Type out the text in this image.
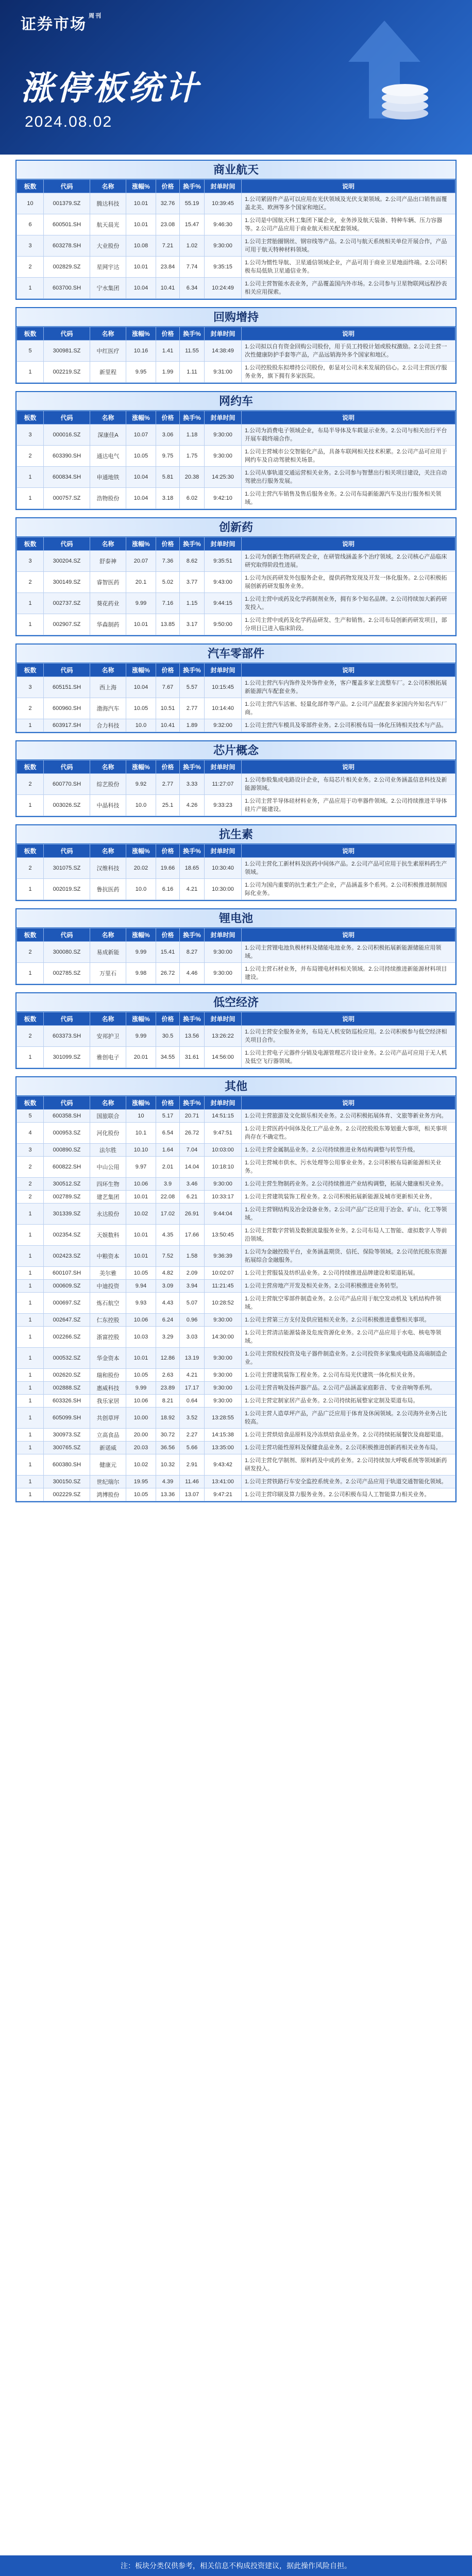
证券市场 $^{周刊}$
涨停板统计
2024.08.02
商业航天
板数	代码	名称	涨幅%	价格	换手%	封单时间	说明
10	001379.SZ	腾达科技	10.01	32.76	55.19	10:39:45	1.公司紧固件产品可以应用在光伏领域及光伏支架领域。2.公司产品出口销售面覆盖北美、欧洲等多个国家和地区。
6	600501.SH	航天晨光	10.01	23.08	15.47	9:46:30	1.公司是中国航天科工集团下属企业，业务涉及航天装备、特种车辆、压力容器等。2.公司产品应用于商业航天相关配套领域。
3	603278.SH	大业股份	10.08	7.21	1.02	9:30:00	1.公司主营胎圈钢丝、钢帘线等产品。2.公司与航天系统相关单位开展合作，产品可用于航天特种材料领域。
2	002829.SZ	星网宇达	10.01	23.84	7.74	9:35:15	1.公司为惯性导航、卫星通信领域企业，产品可用于商业卫星地面终端。2.公司积极布局低轨卫星通信业务。
1	603700.SH	宁水集团	10.04	10.41	6.34	10:24:49	1.公司主营智能水表业务，产品覆盖国内外市场。2.公司参与卫星物联网远程抄表相关应用探索。
回购增持
板数	代码	名称	涨幅%	价格	换手%	封单时间	说明
5	300981.SZ	中红医疗	10.16	1.41	11.55	14:38:49	1.公司拟以自有资金回购公司股份，用于员工持股计划或股权激励。2.公司主营一次性健康防护手套等产品，产品远销海外多个国家和地区。
1	002219.SZ	新里程	9.95	1.99	1.11	9:31:00	1.公司控股股东拟增持公司股份，彰显对公司未来发展的信心。2.公司主营医疗服务业务，旗下拥有多家医院。
网约车
板数	代码	名称	涨幅%	价格	换手%	封单时间	说明
3	000016.SZ	深康佳A	10.07	3.06	1.18	9:30:00	1.公司为消费电子领域企业，布局半导体及车载显示业务。2.公司与相关出行平台开展车载终端合作。
2	603390.SH	通达电气	10.05	9.75	1.75	9:30:00	1.公司主营城市公交智能化产品，具备车联网相关技术积累。2.公司产品可应用于网约车及自动驾驶相关场景。
1	600834.SH	申通地铁	10.04	5.81	20.38	14:25:30	1.公司从事轨道交通运营相关业务。2.公司参与智慧出行相关项目建设，关注自动驾驶出行服务发展。
1	000757.SZ	浩物股份	10.04	3.18	6.02	9:42:10	1.公司主营汽车销售及售后服务业务。2.公司布局新能源汽车及出行服务相关领域。
创新药
板数	代码	名称	涨幅%	价格	换手%	封单时间	说明
3	300204.SZ	舒泰神	20.07	7.36	8.62	9:35:51	1.公司为创新生物药研发企业，在研管线涵盖多个治疗领域。2.公司核心产品临床研究取得阶段性进展。
2	300149.SZ	睿智医药	20.1	5.02	3.77	9:43:00	1.公司为医药研发外包服务企业，提供药物发现及开发一体化服务。2.公司积极拓展创新药研发服务业务。
1	002737.SZ	葵花药业	9.99	7.16	1.15	9:44:15	1.公司主营中成药及化学药制剂业务，拥有多个知名品牌。2.公司持续加大新药研发投入。
1	002907.SZ	华森制药	10.01	13.85	3.17	9:50:00	1.公司主营中成药及化学药品研发、生产和销售。2.公司布局创新药研发项目，部分项目已进入临床阶段。
汽车零部件
板数	代码	名称	涨幅%	价格	换手%	封单时间	说明
3	605151.SH	西上海	10.04	7.67	5.57	10:15:45	1.公司主营汽车内饰件及外饰件业务，客户覆盖多家主流整车厂。2.公司积极拓展新能源汽车配套业务。
2	600960.SH	渤海汽车	10.05	10.51	2.77	10:14:40	1.公司主营汽车活塞、轻量化部件等产品。2.公司产品配套多家国内外知名汽车厂商。
1	603917.SH	合力科技	10.0	10.41	1.89	9:32:00	1.公司主营汽车模具及零部件业务。2.公司积极布局一体化压铸相关技术与产品。
芯片概念
板数	代码	名称	涨幅%	价格	换手%	封单时间	说明
2	600770.SH	综艺股份	9.92	2.77	3.33	11:27:07	1.公司参股集成电路设计企业，布局芯片相关业务。2.公司业务涵盖信息科技及新能源领域。
1	003026.SZ	中晶科技	10.0	25.1	4.26	9:33:23	1.公司主营半导体硅材料业务，产品应用于功率器件领域。2.公司持续推进半导体硅片产能建设。
抗生素
板数	代码	名称	涨幅%	价格	换手%	封单时间	说明
2	301075.SZ	汉维科技	20.02	19.66	18.65	10:30:40	1.公司主营化工新材料及医药中间体产品。2.公司产品可应用于抗生素原料药生产领域。
1	002019.SZ	鲁抗医药	10.0	6.16	4.21	10:30:00	1.公司为国内重要的抗生素生产企业，产品涵盖多个系列。2.公司积极推进制剂国际化业务。
锂电池
板数	代码	名称	涨幅%	价格	换手%	封单时间	说明
2	300080.SZ	易成新能	9.99	15.41	8.27	9:30:00	1.公司主营锂电池负极材料及储能电池业务。2.公司积极拓展新能源储能应用领域。
1	002785.SZ	万里石	9.98	26.72	4.46	9:30:00	1.公司主营石材业务，并布局锂电材料相关领域。2.公司持续推进新能源材料项目建设。
低空经济
板数	代码	名称	涨幅%	价格	换手%	封单时间	说明
2	603373.SH	安邦护卫	9.99	30.5	13.56	13:26:22	1.公司主营安全服务业务，布局无人机安防巡检应用。2.公司积极参与低空经济相关项目合作。
1	301099.SZ	雅创电子	20.01	34.55	31.61	14:56:00	1.公司主营电子元器件分销及电源管理芯片设计业务。2.公司产品可应用于无人机及低空飞行器领域。
其他
板数	代码	名称	涨幅%	价格	换手%	封单时间	说明
5	600358.SH	国旅联合	10	5.17	20.71	14:51:15	1.公司主营旅游及文化娱乐相关业务。2.公司积极拓展体育、文旅等新业务方向。
4	000953.SZ	河化股份	10.1	6.54	26.72	9:47:51	1.公司主营医药中间体及化工产品业务。2.公司控股股东筹划重大事项，相关事项尚存在不确定性。
3	000890.SZ	法尔胜	10.10	1.64	7.04	10:03:00	1.公司主营金属制品业务。2.公司持续推进业务结构调整与转型升级。
2	600822.SH	中山公用	9.97	2.01	14.04	10:18:10	1.公司主营城市供水、污水处理等公用事业业务。2.公司积极布局新能源相关业务。
2	300512.SZ	四环生物	10.06	3.9	3.46	9:30:00	1.公司主营生物制药业务。2.公司持续推进产业结构调整，拓展大健康相关业务。
2	002789.SZ	建艺集团	10.01	22.08	6.21	10:33:17	1.公司主营建筑装饰工程业务。2.公司积极拓展新能源及城市更新相关业务。
1	301339.SZ	永达股份	10.02	17.02	26.91	9:44:04	1.公司主营钢结构及冶金设备业务。2.公司产品广泛应用于冶金、矿山、化工等领域。
1	002354.SZ	天娱数科	10.01	4.35	17.66	13:50:45	1.公司主营数字营销及数据流量服务业务。2.公司布局人工智能、虚拟数字人等前沿领域。
1	002423.SZ	中粮资本	10.01	7.52	1.58	9:36:39	1.公司为金融控股平台，业务涵盖期货、信托、保险等领域。2.公司依托股东资源拓展综合金融服务。
1	600107.SH	美尔雅	10.05	4.82	2.09	10:02:07	1.公司主营服装及纺织品业务。2.公司持续推进品牌建设和渠道拓展。
1	000609.SZ	中迪投资	9.94	3.09	3.94	11:21:45	1.公司主营房地产开发及相关业务。2.公司积极推进业务转型。
1	000697.SZ	炼石航空	9.93	4.43	5.07	10:28:52	1.公司主营航空零部件制造业务。2.公司产品应用于航空发动机及飞机结构件领域。
1	002647.SZ	仁东控股	10.06	6.24	0.96	9:30:00	1.公司主营第三方支付及供应链相关业务。2.公司积极推进重整相关事项。
1	002266.SZ	浙富控股	10.03	3.29	3.03	14:30:00	1.公司主营清洁能源装备及危废资源化业务。2.公司产品应用于水电、核电等领域。
1	000532.SZ	华金资本	10.01	12.86	13.19	9:30:00	1.公司主营股权投资及电子器件制造业务。2.公司投资多家集成电路及高端制造企业。
1	002620.SZ	瑞和股份	10.05	2.63	4.21	9:30:00	1.公司主营建筑装饰工程业务。2.公司布局光伏建筑一体化相关业务。
1	002888.SZ	惠威科技	9.99	23.89	17.17	9:30:00	1.公司主营音响及扬声器产品。2.公司产品涵盖家庭影音、专业音响等系列。
1	603326.SH	我乐家居	10.06	8.21	0.64	9:30:00	1.公司主营定制家居产品业务。2.公司持续拓展整家定制及渠道布局。
1	605099.SH	共创草坪	10.00	18.92	3.52	13:28:55	1.公司主营人造草坪产品，产品广泛应用于体育及休闲领域。2.公司海外业务占比较高。
1	300973.SZ	立高食品	20.00	30.72	2.27	14:15:38	1.公司主营烘焙食品原料及冷冻烘焙食品业务。2.公司持续拓展餐饮及商超渠道。
1	300765.SZ	新诺威	20.03	36.56	5.66	13:35:00	1.公司主营功能性原料及保健食品业务。2.公司积极推进创新药相关业务布局。
1	600380.SH	健康元	10.02	10.32	2.91	9:43:42	1.公司主营化学制剂、原料药及中成药业务。2.公司持续加大呼吸系统等领域新药研发投入。
1	300150.SZ	世纪瑞尔	19.95	4.39	11.46	13:41:00	1.公司主营铁路行车安全监控系统业务。2.公司产品应用于轨道交通智能化领域。
1	002229.SZ	鸿博股份	10.05	13.36	13.07	9:47:21	1.公司主营印刷及算力服务业务。2.公司积极布局人工智能算力相关业务。
注：板块分类仅供参考，相关信息不构成投资建议，据此操作风险自担。
